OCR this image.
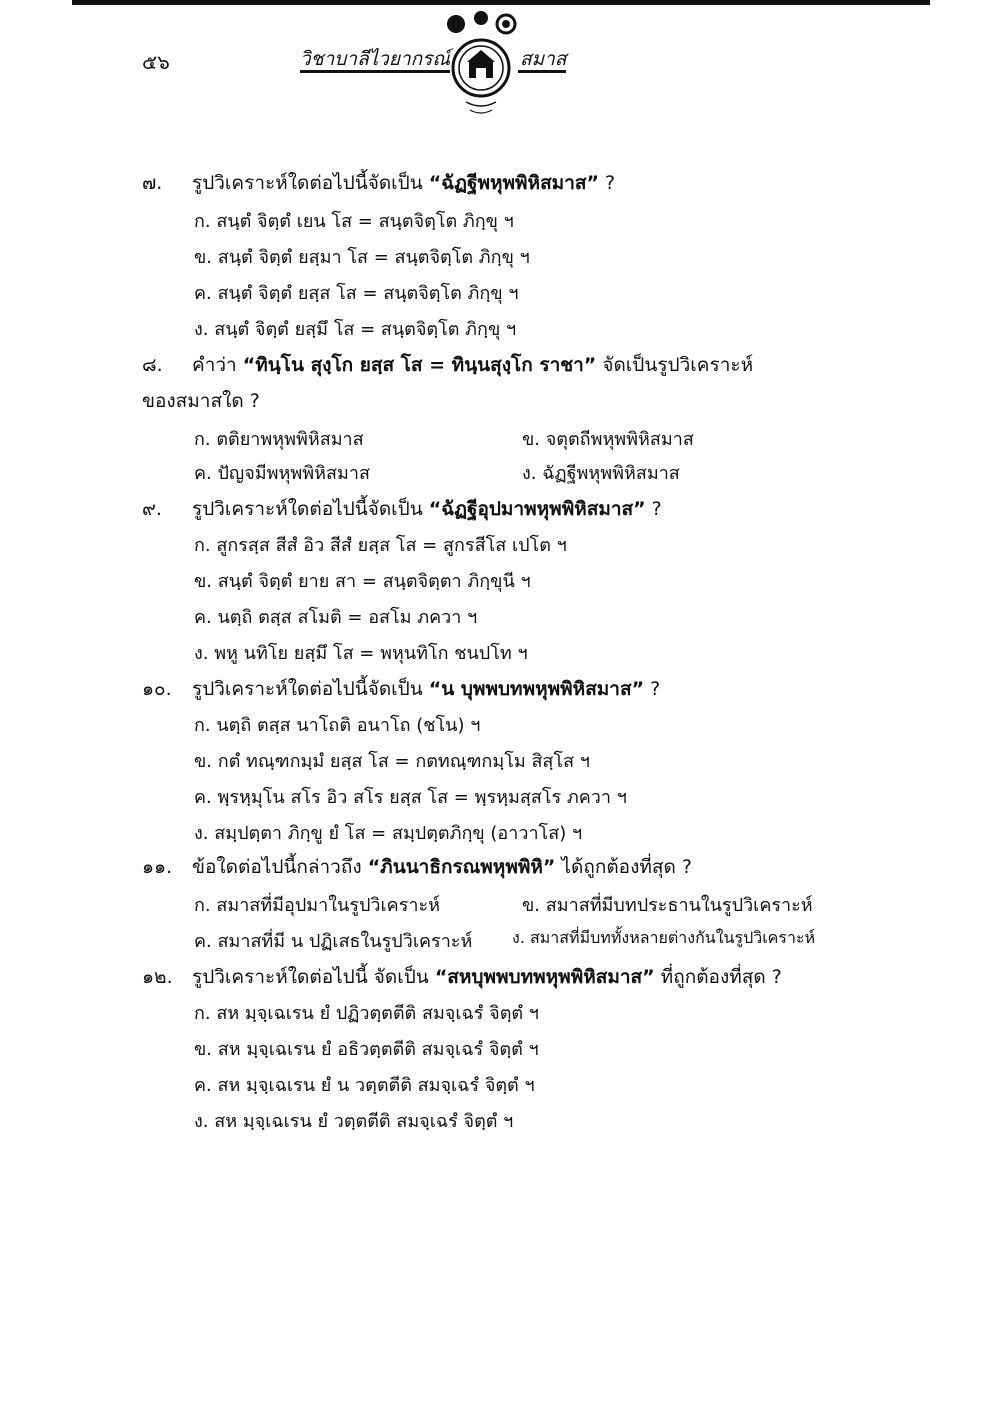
๕๖	วิชาบาลีไวยากรณ์	สมาส
๗. รูปวิเคราะห์ใดต่อไปนี้จัดเป็น “ฉัฏฐีพหุพพิหิสมาส” ?
ก. สนฺตํ จิตฺตํ เยน โส = สนฺตจิตฺโต ภิกฺขุ ฯ
ข. สนฺตํ จิตฺตํ ยสฺมา โส = สนฺตจิตฺโต ภิกฺขุ ฯ
ค. สนฺตํ จิตฺตํ ยสฺส โส = สนฺตจิตฺโต ภิกฺขุ ฯ
ง. สนฺตํ จิตฺตํ ยสฺมึ โส = สนฺตจิตฺโต ภิกฺขุ ฯ
๘. คำว่า “ทินฺโน สุงฺโก ยสฺส โส = ทินฺนสุงฺโก ราชา” จัดเป็นรูปวิเคราะห์
ของสมาสใด ?
ก. ตติยาพหุพพิหิสมาส	ข. จตุตถีพหุพพิหิสมาส
ค. ปัญจมีพหุพพิหิสมาส	ง. ฉัฏฐีพหุพพิหิสมาส
๙. รูปวิเคราะห์ใดต่อไปนี้จัดเป็น “ฉัฏฐีอุปมาพหุพพิหิสมาส” ?
ก. สูกรสฺส สีสํ อิว สีสํ ยสฺส โส = สูกรสีโส เปโต ฯ
ข. สนฺตํ จิตฺตํ ยาย สา = สนฺตจิตฺตา ภิกฺขุนี ฯ
ค. นตฺถิ ตสฺส สโมติ = อสโม ภควา ฯ
ง. พหู นทิโย ยสฺมึ โส = พหุนทิโก ชนปโท ฯ
๑๐. รูปวิเคราะห์ใดต่อไปนี้จัดเป็น “น บุพพบทพหุพพิหิสมาส” ?
ก. นตฺถิ ตสฺส นาโถติ อนาโถ (ชโน) ฯ
ข. กตํ ทณฺฑกมฺมํ ยสฺส โส = กตทณฺฑกมฺโม สิสฺโส ฯ
ค. พฺรหฺมุโน สโร อิว สโร ยสฺส โส = พฺรหฺมสฺสโร ภควา ฯ
ง. สมฺปตฺตา ภิกฺขู ยํ โส = สมฺปตฺตภิกฺขุ (อาวาโส) ฯ
๑๑. ข้อใดต่อไปนี้กล่าวถึง “ภินนาธิกรณพหุพพิหิ” ได้ถูกต้องที่สุด ?
ก. สมาสที่มีอุปมาในรูปวิเคราะห์	ข. สมาสที่มีบทประธานในรูปวิเคราะห์
ค. สมาสที่มี น ปฏิเสธในรูปวิเคราะห์ ง. สมาสที่มีบททั้งหลายต่างกันในรูปวิเคราะห์
๑๒. รูปวิเคราะห์ใดต่อไปนี้ จัดเป็น “สหบุพพบทพหุพพิหิสมาส” ที่ถูกต้องที่สุด ?
ก. สห มฺจฺเฉเรน ยํ ปฏิวตฺตตีติ สมจฺเฉรํ จิตฺตํ ฯ
ข. สห มฺจฺเฉเรน ยํ อธิวตฺตตีติ สมจฺเฉรํ จิตฺตํ ฯ
ค. สห มฺจฺเฉเรน ยํ น วตฺตตีติ สมจฺเฉรํ จิตฺตํ ฯ
ง. สห มฺจฺเฉเรน ยํ วตฺตตีติ สมจฺเฉรํ จิตฺตํ ฯ
